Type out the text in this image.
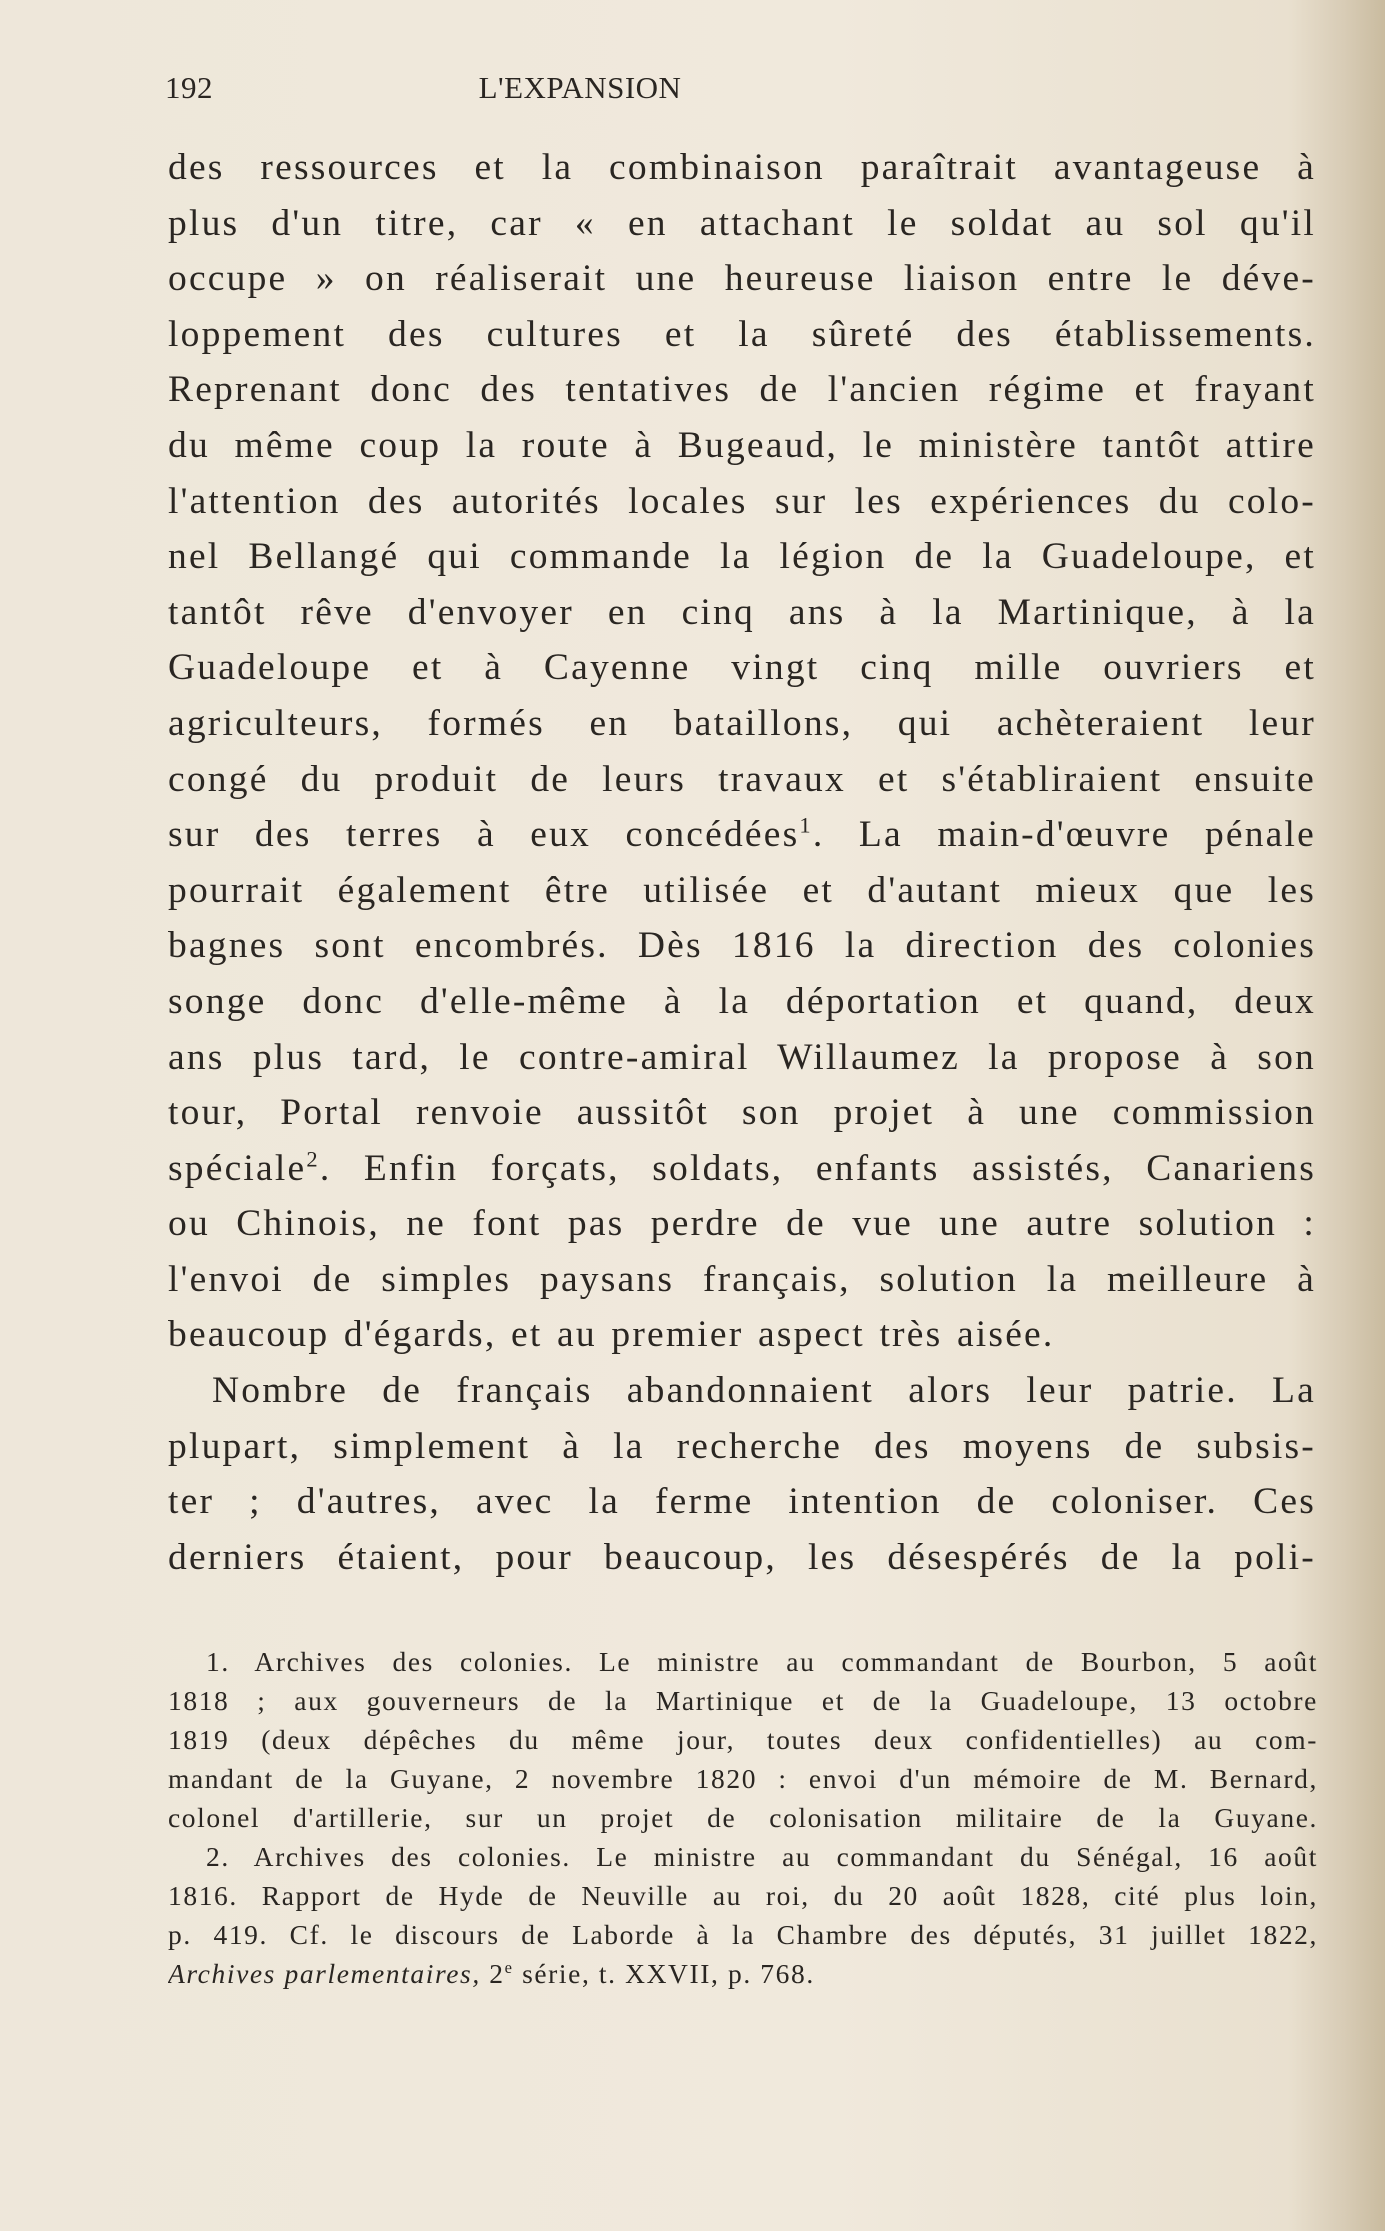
192	L'EXPANSION
des ressources et la combinaison paraîtrait avantageuse à
plus d'un titre, car « en attachant le soldat au sol qu'il
occupe » on réaliserait une heureuse liaison entre le déve-
loppement des cultures et la sûreté des établissements.
Reprenant donc des tentatives de l'ancien régime et frayant
du même coup la route à Bugeaud, le ministère tantôt attire
l'attention des autorités locales sur les expériences du colo-
nel Bellangé qui commande la légion de la Guadeloupe, et
tantôt rêve d'envoyer en cinq ans à la Martinique, à la
Guadeloupe et à Cayenne vingt cinq mille ouvriers et
agriculteurs, formés en bataillons, qui achèteraient leur
congé du produit de leurs travaux et s'établiraient ensuite
sur des terres à eux concédées$^1$. La main-d'œuvre pénale
pourrait également être utilisée et d'autant mieux que les
bagnes sont encombrés. Dès 1816 la direction des colonies
songe donc d'elle-même à la déportation et quand, deux
ans plus tard, le contre-amiral Willaumez la propose à son
tour, Portal renvoie aussitôt son projet à une commission
spéciale$^2$. Enfin forçats, soldats, enfants assistés, Canariens
ou Chinois, ne font pas perdre de vue une autre solution :
l'envoi de simples paysans français, solution la meilleure à
beaucoup d'égards, et au premier aspect très aisée.
Nombre de français abandonnaient alors leur patrie. La
plupart, simplement à la recherche des moyens de subsis-
ter ; d'autres, avec la ferme intention de coloniser. Ces
derniers étaient, pour beaucoup, les désespérés de la poli-
1. Archives des colonies. Le ministre au commandant de Bourbon, 5 août
1818 ; aux gouverneurs de la Martinique et de la Guadeloupe, 13 octobre
1819 (deux dépêches du même jour, toutes deux confidentielles) au com-
mandant de la Guyane, 2 novembre 1820 : envoi d'un mémoire de M. Bernard,
colonel d'artillerie, sur un projet de colonisation militaire de la Guyane.
2. Archives des colonies. Le ministre au commandant du Sénégal, 16 août
1816. Rapport de Hyde de Neuville au roi, du 20 août 1828, cité plus loin,
p. 419. Cf. le discours de Laborde à la Chambre des députés, 31 juillet 1822,
Archives parlementaires, 2e série, t. XXVII, p. 768.
